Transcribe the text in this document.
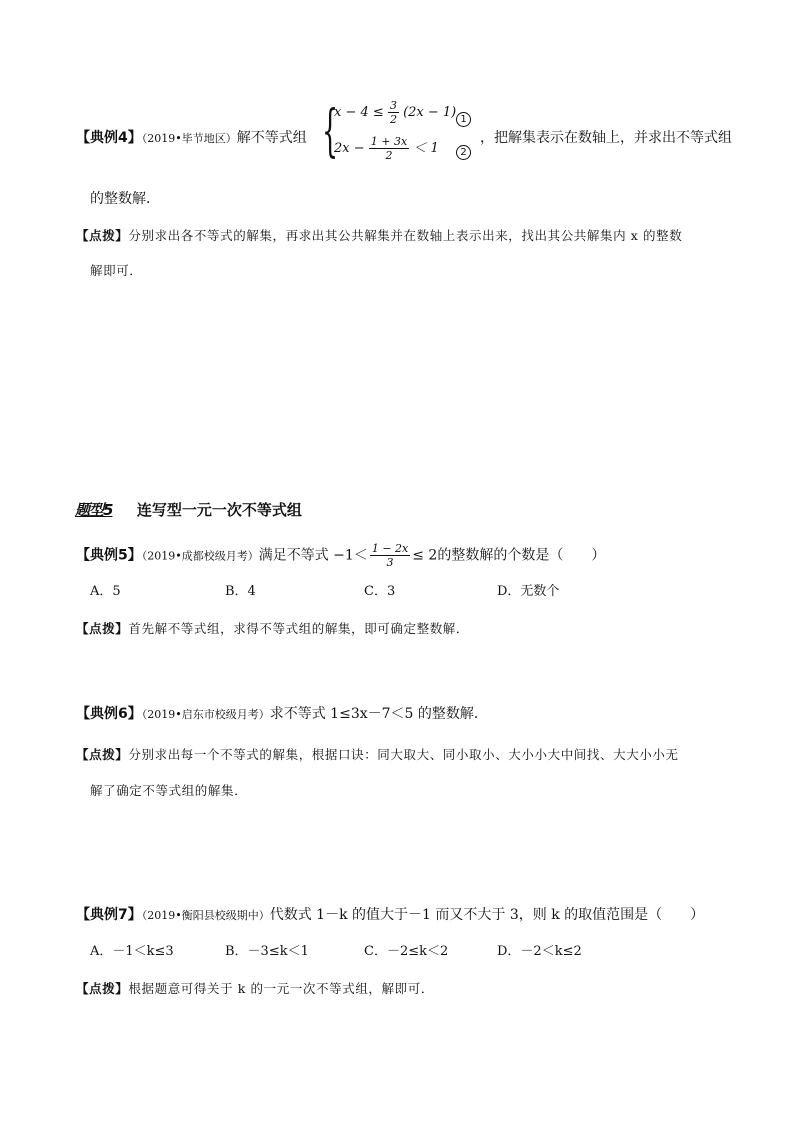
【典例4】（2019•毕节地区）解不等式组 {
$x - 4 \le \frac{3}{2} (2x - 1)$ 1
$2x - \frac{1 + 3x}{2} < 1$	2
，把解集表示在数轴上，并求出不等式组
的整数解．
【点拨】分别求出各不等式的解集，再求出其公共解集并在数轴上表示出来，找出其公共解集内 x 的整数
解即可．
题型5 连写型一元一次不等式组
【典例5】（2019•成都校级月考）满足不等式 $-1< \frac{1 - 2x}{3} \le 2$的整数解的个数是（　　）
A．5	B．4	C．3	D．无数个
【点拨】首先解不等式组，求得不等式组的解集，即可确定整数解．
【典例6】（2019•启东市校级月考）求不等式 1≤3x－7＜5 的整数解．
【点拨】分别求出每一个不等式的解集，根据口诀：同大取大、同小取小、大小小大中间找、大大小小无
解了确定不等式组的解集．
【典例7】（2019•衡阳县校级期中）代数式 1－k 的值大于－1 而又不大于 3，则 k 的取值范围是（　　）
A．－1＜k≤3	B．－3≤k＜1	C．－2≤k＜2	D．－2＜k≤2
【点拨】根据题意可得关于 k 的一元一次不等式组，解即可．
